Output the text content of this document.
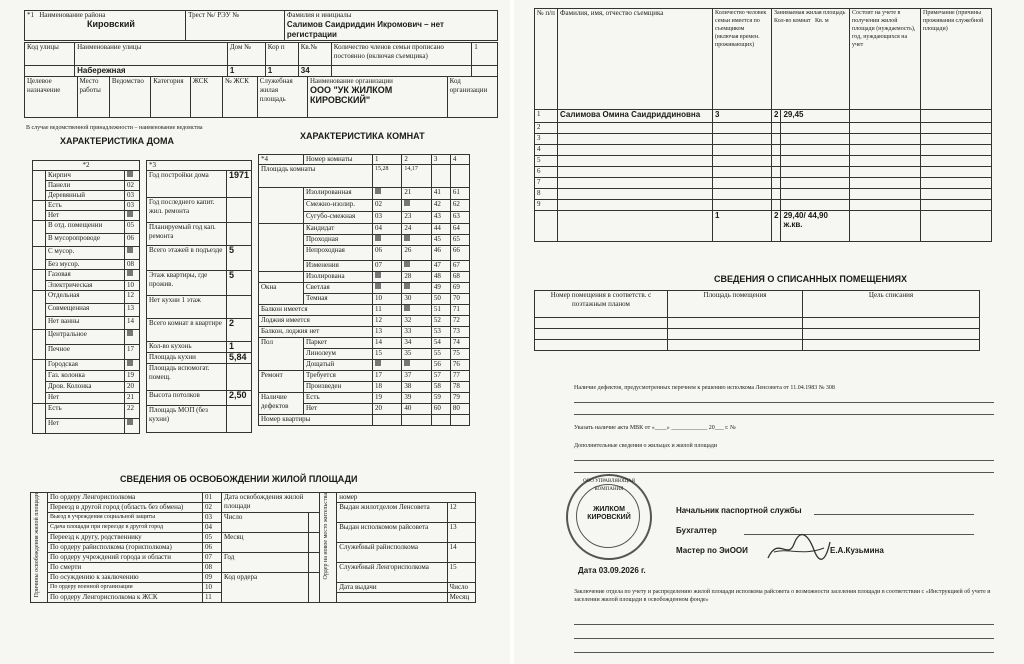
*1 Наименование района
Кировский	Трест №/ РЭУ №	Фамилия и инициалы
Салимов Саидриддин Икромович – нет регистрации
Код улицы	Наименование улицы	Дом №	Кор п	Кв.№	Количество членов семьи прописано постоянно (включая съемщика)	1
	Набережная	1	1	34		
Целевое назначение	Место работы	Ведомство	Категория	ЖСК	№ ЖСК	Служебная жилая площадь	Наименование организации
ООО "УК ЖИЛКОМ КИРОВСКИЙ"	Код организации
В случае ведомственной принадлежности – наименование ведомства
ХАРАКТЕРИСТИКА ДОМА	ХАРАКТЕРИСТИКА КОМНАТ
*2		
	Кирпич	
	Панели	02
	Деревянный	03
	Есть	03
	Нет	
	В отд. помещении	05
	В мусоропроводе	06
	С мусор.	
	Без мусор.	08
	Газовая	
	Электрическая	10
	Отдельная	12
	Совмещенная	13
	Нет ванны	14
	Центральное	
	Печное	17
	Городская	
	Газ. колонка	19
	Дров. Колонка	20
	Нет	21
	Есть	22
	Нет	
*3	
Год постройки дома	1971
Год последнего капит. жил. ремонта	
Планируемый год кап. ремонта	
Всего этажей в подъезде	5
Этаж квартиры, где прожив.	5
Нет кухни 1 этаж	
Всего комнат в квартире	2
Кол-во кухонь	1
Площадь кухни	5,84
Площадь вспомогат. помещ.	
Высота потолков	2,50
Площадь МОП (без кухни)	
*4	Номер комнаты	1	2	3	4
Площадь комнаты		15,28	14,17		
	Изолированная		21	41	61
	Смежно-изолир.	02		42	62
	Сугубо-смежная	03	23	43	63
	Кандидат	04	24	44	64
	Проходная			45	65
	Непроходная	06	26	46	66
	Изменения	07		47	67
	Изолирована		28	48	68
Окна	Светлая			49	69
	Темная	10	30	50	70
Балкон имеется		11		51	71
Лоджия имеется		12	32	52	72
Балкон, лоджия нет		13	33	53	73
Пол	Паркет	14	34	54	74
	Линолеум	15	35	55	75
	Дощатый			56	76
Ремонт	Требуется	17	37	57	77
	Произведен	18	38	58	78
Наличие дефектов	Есть	19	39	59	79
	Нет	20	40	60	80
Номер квартиры					
СВЕДЕНИЯ ОБ ОСВОБОЖДЕНИИ ЖИЛОЙ ПЛОЩАДИ
Причины освобождения жилой площади	По ордеру Ленгорисполкома	01	Дата освобождения жилой площади		Ордер на новое место жительства	номер	
	Переезд в другой город (область без обмена)	02				Выдан жилотделом Ленсовета	12
	Выезд в учреждения социальной защиты	03	Число				
	Сдача площади при переезде в другой город	04				Выдан исполкомом райсовета	13
	Переезд к другу, родственнику	05	Месяц				
	По ордеру райисполкома (горисполкома)	06				Служебный райисполкома	14
	По ордеру учреждений города и области	07	Год				
	По смерти	08				Служебный Ленгорисполкома	15
	По осуждению к заключению	09	Код ордера				
	По ордеру военной организации	10				Дата выдачи	Число
	По ордеру Ленгорисполкома к ЖСК	11					Месяц
№ п/п	Фамилия, имя, отчество съемщика	Количество человек семьи имеется по съемщиком (включая времен. проживающих)	Занимаемая жилая площадь
Кол-во комнат Кв. м		Состоит на учете в получении жилой площади (нуждаемость), год, нуждающихся на учет	Примечание (причины проживания служебной площади)
1	Салимова Омина Саидриддиновна	3	2	29,45		
2						
3						
4						
5						
6						
7						
8						
9						
		1	2	29,40/ 44,90 ж.кв.		
СВЕДЕНИЯ О СПИСАННЫХ ПОМЕЩЕНИЯХ
Номер помещения в соответств. с поэтажным планом	Площадь помещения	Цель списания

Наличие дефектов, предусмотренных перечнем к решению исполкома Ленсовета от 11.04.1983 № 308
Указать наличие акта МВК от «____» ____________ 20___ г. №
Дополнительные сведения о жильцах и жилой площади
ООО УПРАВЛЯЮЩАЯ КОМПАНИЯ
ЖИЛКОМ КИРОВСКИЙ
Начальник паспортной службы
Бухгалтер
Мастер по ЭиООИ	Е.А.Кузьмина
Дата 03.09.2026 г.
Заключение отдела по учету и распределению жилой площади исполкома райсовета о возможности заселения площади в соответствии с «Инструкцией об учете и заселении жилой площади в освобожденном фонде»
